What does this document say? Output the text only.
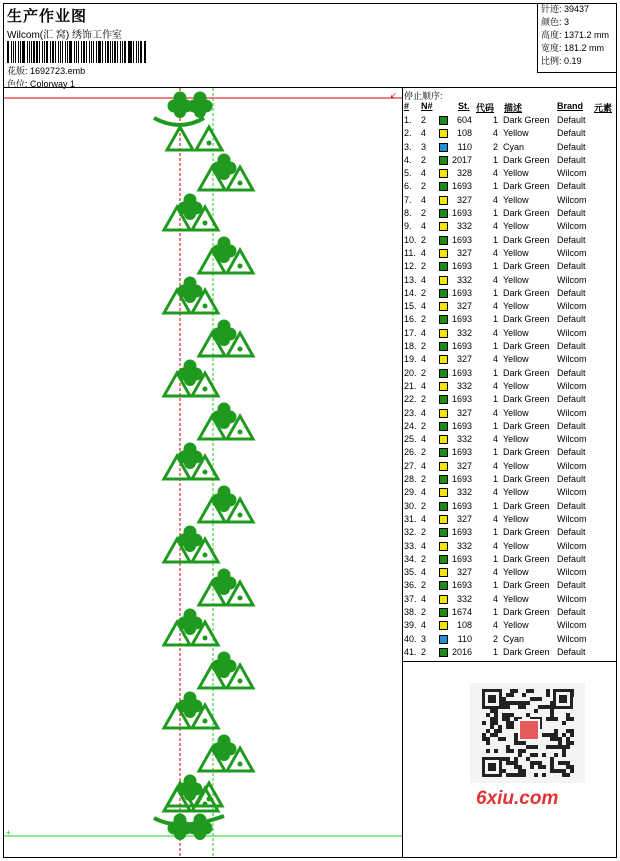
生产作业图
Wilcom(汇 窝) 绣饰工作室
花版: 1692723.emb
色位: Colorway 1
针迹: 39437
颜色: 3
高度: 1371.2 mm
宽度: 181.2 mm
比例: 0.19
↙
+
停止顺序:
# N#	St. 代码 描述	Brand 元素
1. 2	604	1 Dark Green Default
2. 4	108	4 Yellow	Default
3. 3	110	2 Cyan	Default
4. 2	2017	1 Dark Green Default
5. 4	328	4 Yellow	Wilcom
6. 2	1693	1 Dark Green Default
7. 4	327	4 Yellow	Wilcom
8. 2	1693	1 Dark Green Default
9. 4	332	4 Yellow	Wilcom
10. 2	1693	1 Dark Green Default
11. 4	327	4 Yellow	Wilcom
12. 2	1693	1 Dark Green Default
13. 4	332	4 Yellow	Wilcom
14. 2	1693	1 Dark Green Default
15. 4	327	4 Yellow	Wilcom
16. 2	1693	1 Dark Green Default
17. 4	332	4 Yellow	Wilcom
18. 2	1693	1 Dark Green Default
19. 4	327	4 Yellow	Wilcom
20. 2	1693	1 Dark Green Default
21. 4	332	4 Yellow	Wilcom
22. 2	1693	1 Dark Green Default
23. 4	327	4 Yellow	Wilcom
24. 2	1693	1 Dark Green Default
25. 4	332	4 Yellow	Wilcom
26. 2	1693	1 Dark Green Default
27. 4	327	4 Yellow	Wilcom
28. 2	1693	1 Dark Green Default
29. 4	332	4 Yellow	Wilcom
30. 2	1693	1 Dark Green Default
31. 4	327	4 Yellow	Wilcom
32. 2	1693	1 Dark Green Default
33. 4	332	4 Yellow	Wilcom
34. 2	1693	1 Dark Green Default
35. 4	327	4 Yellow	Wilcom
36. 2	1693	1 Dark Green Default
37. 4	332	4 Yellow	Wilcom
38. 2	1674	1 Dark Green Default
39. 4	108	4 Yellow	Wilcom
40. 3	110	2 Cyan	Wilcom
41. 2	2016	1 Dark Green Default
6xiu.com
